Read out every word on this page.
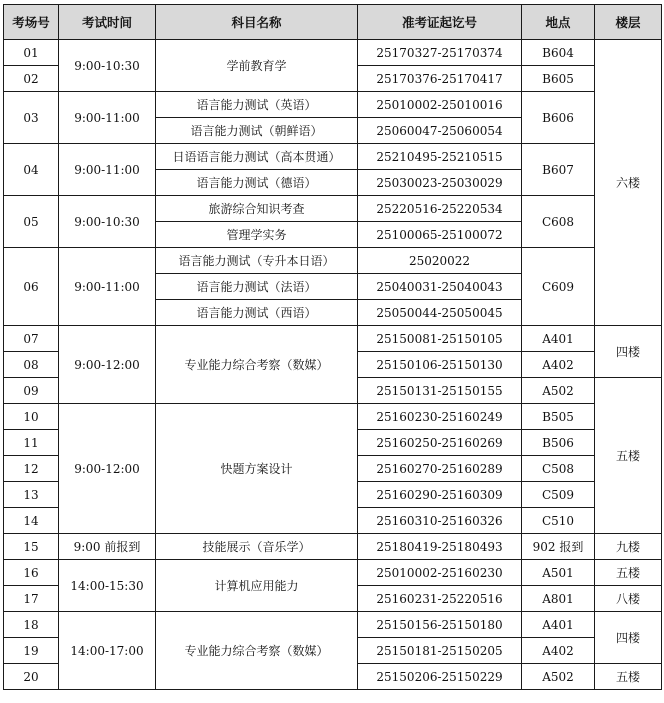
考场号	考试时间	科目名称	准考证起讫号	地点	楼层
01	9:00-10:30	学前教育学	25170327-25170374	B604	六楼
02			25170376-25170417	B605	
03	9:00-11:00	语言能力测试（英语）	25010002-25010016	B606	
		语言能力测试（朝鲜语）	25060047-25060054		
04	9:00-11:00	日语语言能力测试（高本贯通）	25210495-25210515	B607	
		语言能力测试（德语）	25030023-25030029		
05	9:00-10:30	旅游综合知识考查	25220516-25220534	C608	
		管理学实务	25100065-25100072		
06	9:00-11:00	语言能力测试（专升本日语）	25020022	C609	
		语言能力测试（法语）	25040031-25040043		
		语言能力测试（西语）	25050044-25050045		
07	9:00-12:00	专业能力综合考察（数媒）	25150081-25150105	A401	四楼
08			25150106-25150130	A402	
09			25150131-25150155	A502	五楼
10	9:00-12:00	快题方案设计	25160230-25160249	B505	
11			25160250-25160269	B506	
12			25160270-25160289	C508	
13			25160290-25160309	C509	
14			25160310-25160326	C510	
15	9:00 前报到	技能展示（音乐学）	25180419-25180493	902 报到	九楼
16	14:00-15:30	计算机应用能力	25010002-25160230	A501	五楼
17			25160231-25220516	A801	八楼
18	14:00-17:00	专业能力综合考察（数媒）	25150156-25150180	A401	四楼
19			25150181-25150205	A402	
20			25150206-25150229	A502	五楼
